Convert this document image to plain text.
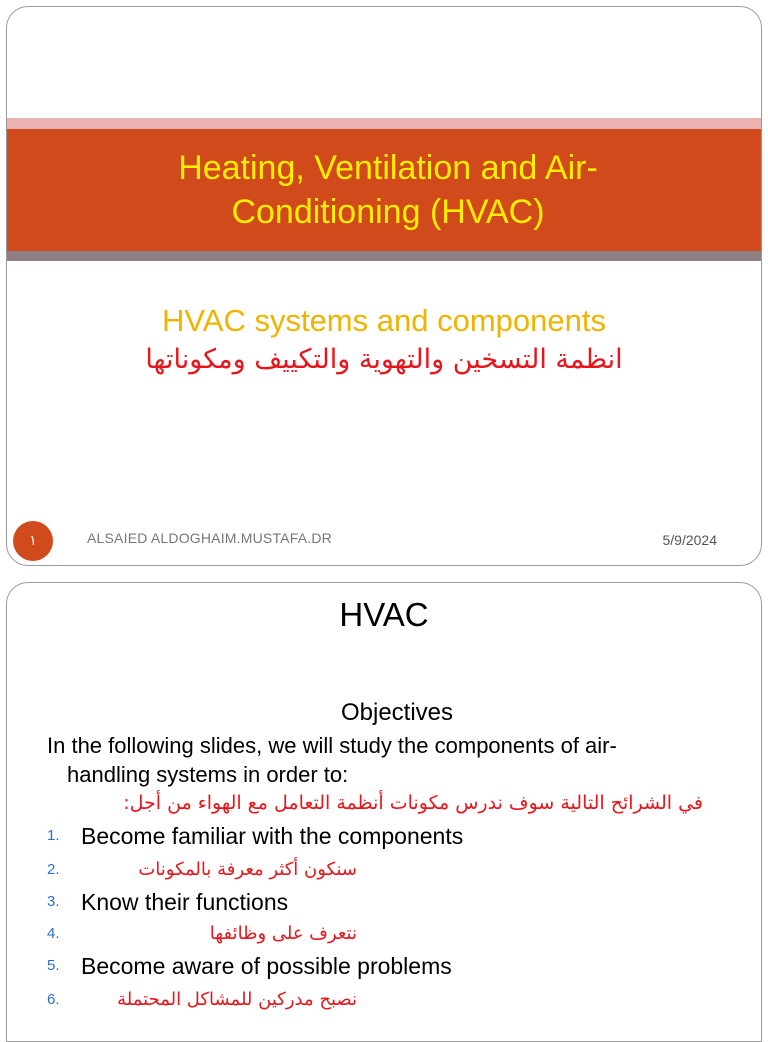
Heating, Ventilation and Air-Conditioning (HVAC)
HVAC systems and components
انظمة التسخين والتهوية والتكييف ومكوناتها
١	ALSAIED ALDOGHAIM.MUSTAFA.DR	5/9/2024
HVAC
Objectives
In the following slides, we will study the components of air-
handling systems in order to:
في الشرائح التالية سوف ندرس مكونات أنظمة التعامل مع الهواء من أجل:
1. Become familiar with the components
2.	سنكون أكثر معرفة بالمكونات
3. Know their functions
4.	نتعرف على وظائفها
5. Become aware of possible problems
6.	نصبح مدركين للمشاكل المحتملة
